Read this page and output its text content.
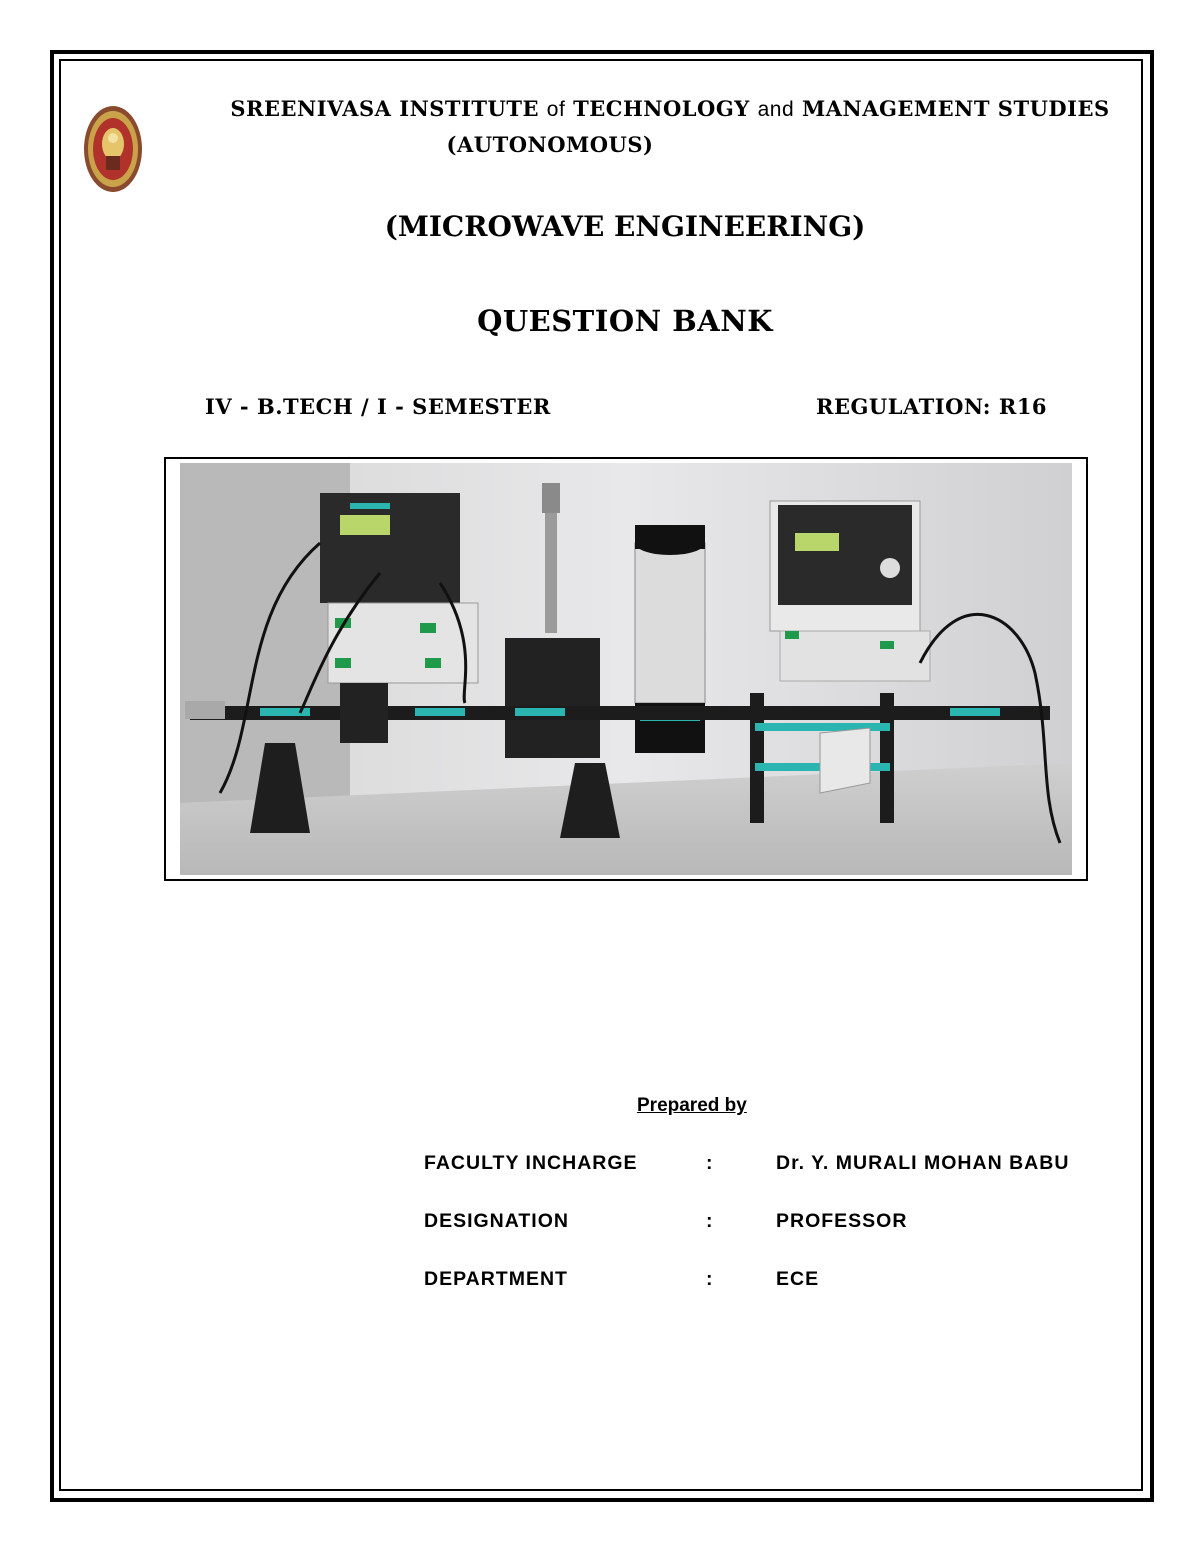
SREENIVASA INSTITUTE of TECHNOLOGY and MANAGEMENT STUDIES
(AUTONOMOUS)
(MICROWAVE ENGINEERING)
QUESTION BANK
IV - B.TECH / I - SEMESTER	REGULATION: R16
Prepared by
FACULTY INCHARGE	:	Dr. Y. MURALI MOHAN BABU
DESIGNATION	:	PROFESSOR
DEPARTMENT	:	ECE
